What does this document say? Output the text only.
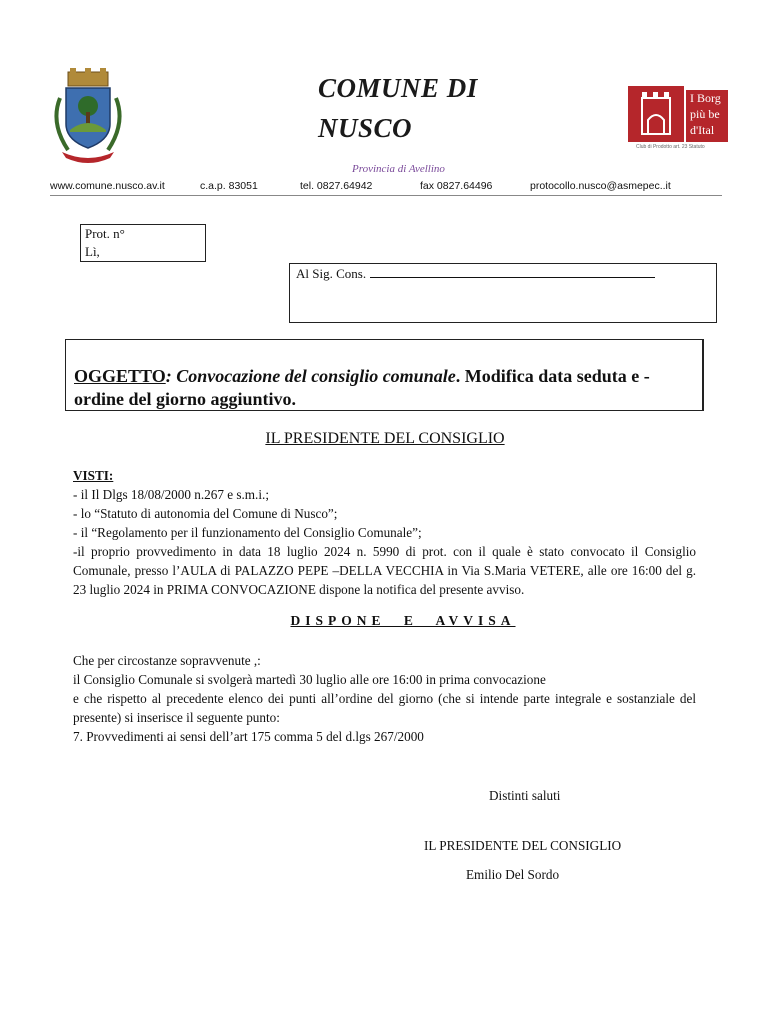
COMUNE DI
NUSCO
I Borg
più be
d'Ital
Club di Prodotto art. 23 Statuto
Provincia di Avellino
www.comune.nusco.av.it	c.a.p. 83051	tel. 0827.64942	fax 0827.64496	protocollo.nusco@asmepec..it
Prot. n°
Lì,
Al Sig. Cons.
OGGETTO: Convocazione del consiglio comunale. Modifica data seduta e -ordine del giorno aggiuntivo.
IL PRESIDENTE DEL CONSIGLIO

VISTI:

- il Il Dlgs 18/08/2000 n.267 e s.m.i.;

- lo “Statuto di autonomia del Comune di Nusco”;

- il “Regolamento per il funzionamento del Consiglio Comunale”;

-il proprio provvedimento in data 18 luglio 2024 n. 5990 di prot. con il quale è stato convocato il Consiglio Comunale, presso l’AULA di PALAZZO PEPE –DELLA VECCHIA in Via S.Maria VETERE, alle ore 16:00 del g. 23 luglio 2024 in PRIMA CONVOCAZIONE dispone la notifica del presente avviso.

DISPONE E AVVISA

Che per circostanze sopravvenute ,:

il Consiglio Comunale si svolgerà martedì 30 luglio alle ore 16:00 in prima convocazione

e che rispetto al precedente elenco dei punti all’ordine del giorno (che si intende parte integrale e sostanziale del presente) si inserisce il seguente punto:

7. Provvedimenti ai sensi dell’art 175 comma 5 del d.lgs 267/2000

Distinti saluti
IL PRESIDENTE DEL CONSIGLIO
Emilio Del Sordo
